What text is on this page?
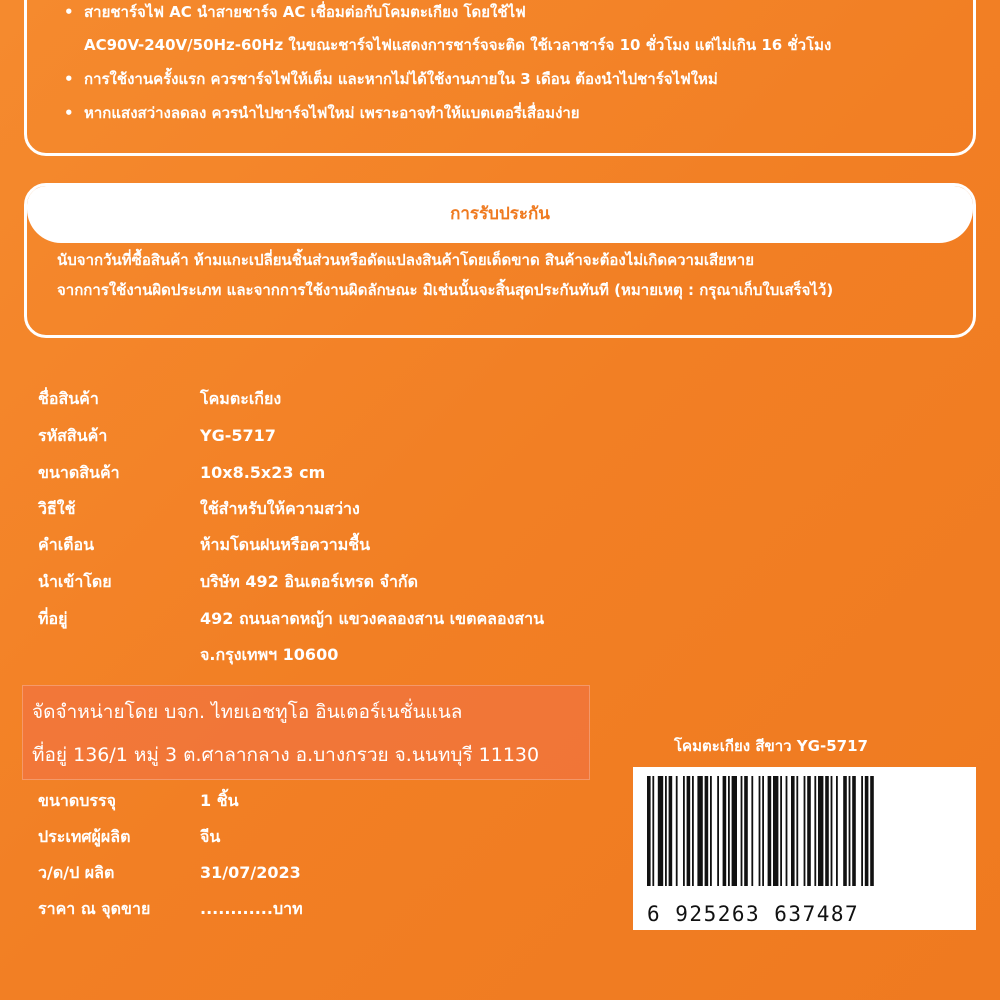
• สายชาร์จไฟ AC นำสายชาร์จ AC เชื่อมต่อกับโคมตะเกียง โดยใช้ไฟ
AC90V-240V/50Hz-60Hz ในขณะชาร์จไฟแสดงการชาร์จจะติด ใช้เวลาชาร์จ 10 ชั่วโมง แต่ไม่เกิน 16 ชั่วโมง
• การใช้งานครั้งแรก ควรชาร์จไฟให้เต็ม และหากไม่ได้ใช้งานภายใน 3 เดือน ต้องนำไปชาร์จไฟใหม่
• หากแสงสว่างลดลง ควรนำไปชาร์จไฟใหม่ เพราะอาจทำให้แบตเตอรี่เสื่อมง่าย
การรับประกัน
นับจากวันที่ซื้อสินค้า ห้ามแกะเปลี่ยนชิ้นส่วนหรือดัดแปลงสินค้าโดยเด็ดขาด สินค้าจะต้องไม่เกิดความเสียหาย
จากการใช้งานผิดประเภท และจากการใช้งานผิดลักษณะ มิเช่นนั้นจะสิ้นสุดประกันทันที (หมายเหตุ : กรุณาเก็บใบเสร็จไว้)
ชื่อสินค้า	โคมตะเกียง
รหัสสินค้า	YG-5717
ขนาดสินค้า	10x8.5x23 cm
วิธีใช้	ใช้สำหรับให้ความสว่าง
คำเตือน	ห้ามโดนฝนหรือความชื้น
นำเข้าโดย	บริษัท 492 อินเตอร์เทรด จำกัด
ที่อยู่	492 ถนนลาดหญ้า แขวงคลองสาน เขตคลองสาน
จ.กรุงเทพฯ 10600
ขนาดบรรจุ	1 ชิ้น
ประเทศผู้ผลิต	จีน
ว/ด/ป ผลิต	31/07/2023
ราคา ณ จุดขาย	............บาท
จัดจำหน่ายโดย บจก. ไทยเอชทูโอ อินเตอร์เนชั่นแนล
ที่อยู่ 136/1 หมู่ 3 ต.ศาลากลาง อ.บางกรวย จ.นนทบุรี 11130	โคมตะเกียง สีขาว YG-5717
6 925263 637487
